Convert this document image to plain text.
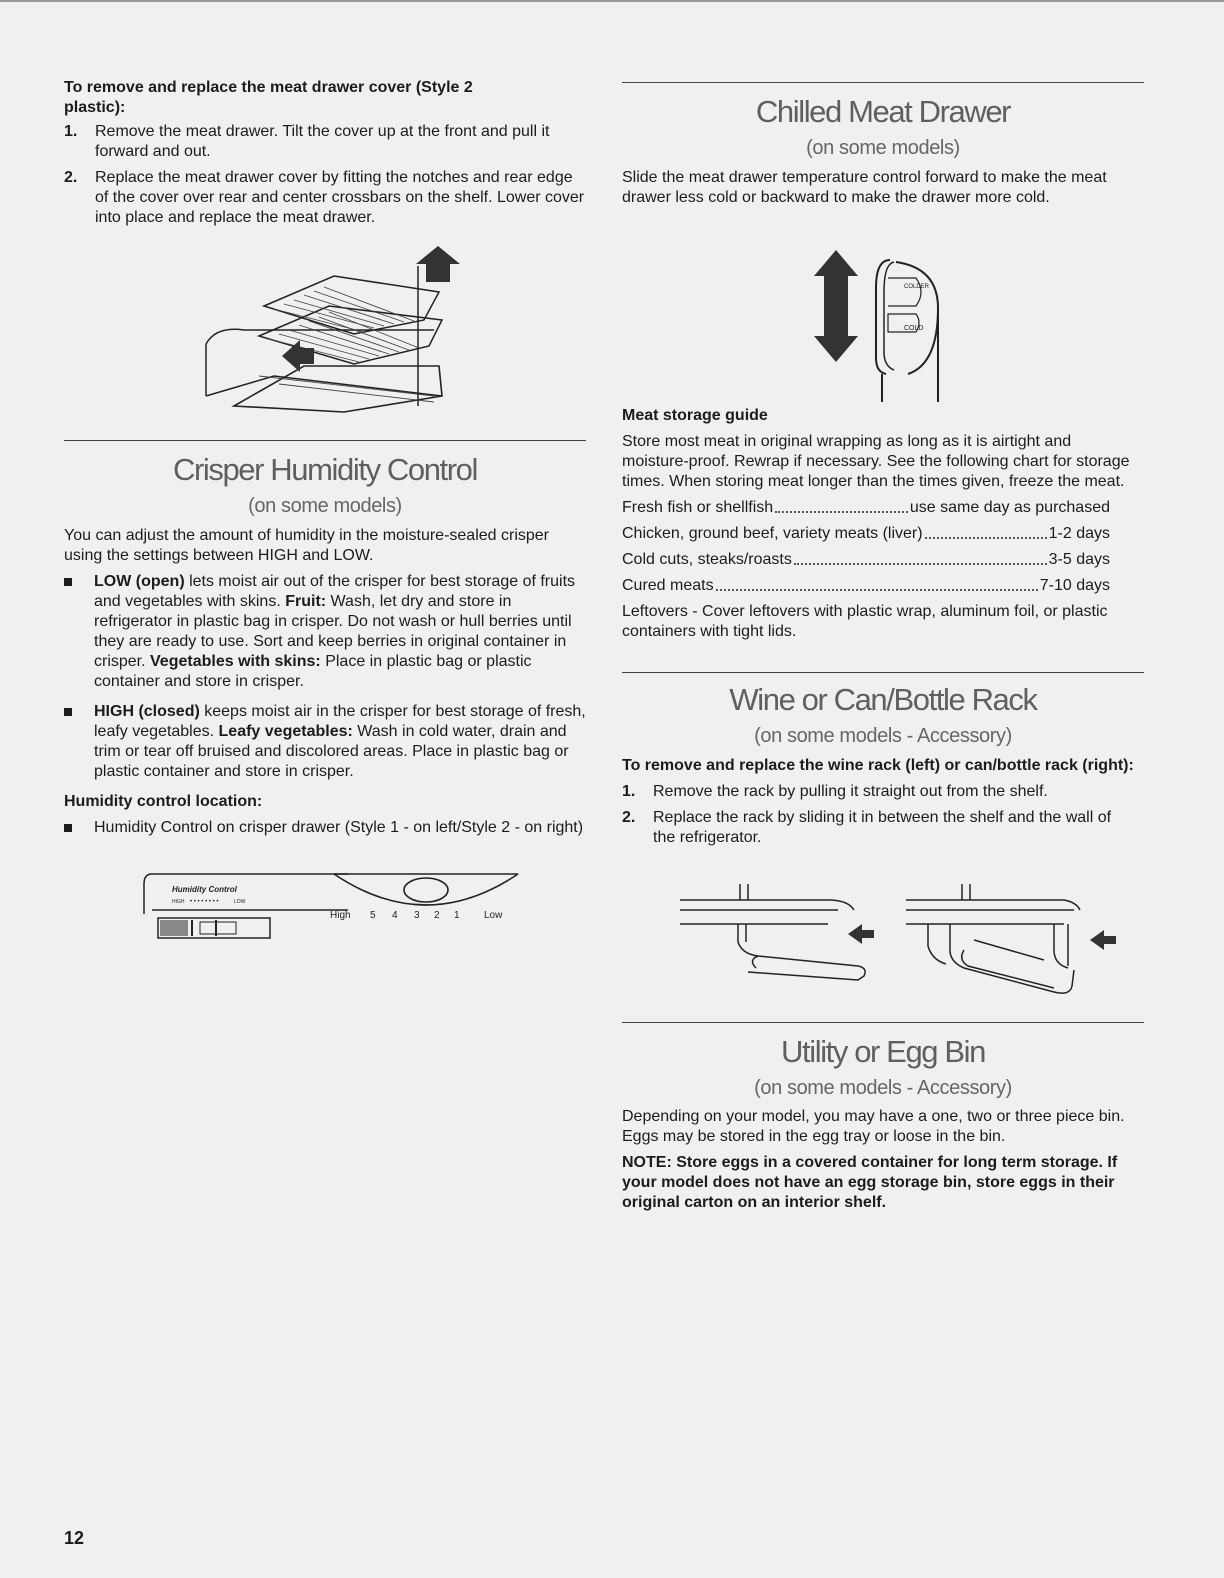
To remove and replace the meat drawer cover (Style 2 plastic):

1. Remove the meat drawer. Tilt the cover up at the front and pull it forward and out.
2. Replace the meat drawer cover by fitting the notches and rear edge of the cover over rear and center crossbars on the shelf. Lower cover into place and replace the meat drawer.

Crisper Humidity Control

(on some models)

You can adjust the amount of humidity in the moisture-sealed crisper using the settings between HIGH and LOW.

LOW (open) lets moist air out of the crisper for best storage of fruits and vegetables with skins. Fruit: Wash, let dry and store in refrigerator in plastic bag in crisper. Do not wash or hull berries until they are ready to use. Sort and keep berries in original container in crisper. Vegetables with skins: Place in plastic bag or plastic container and store in crisper.
HIGH (closed) keeps moist air in the crisper for best storage of fresh, leafy vegetables. Leafy vegetables: Wash in cold water, drain and trim or tear off bruised and discolored areas. Place in plastic bag or plastic container and store in crisper.

Humidity control location:

Humidity Control on crisper drawer (Style 1 - on left/Style 2 - on right)
Humidity Control
HIGH • • • • • • • •	LOW
High 5 4 3 2 1 Low

Chilled Meat Drawer

(on some models)

Slide the meat drawer temperature control forward to make the meat drawer less cold or backward to make the drawer more cold.

COLDER
COLD

Meat storage guide

Store most meat in original wrapping as long as it is airtight and moisture-proof. Rewrap if necessary. See the following chart for storage times. When storing meat longer than the times given, freeze the meat.

Fresh fish or shellfish	use same day as purchased
Chicken, ground beef, variety meats (liver)	1-2 days
Cold cuts, steaks/roasts	3-5 days
Cured meats	7-10 days

Leftovers - Cover leftovers with plastic wrap, aluminum foil, or plastic containers with tight lids.

Wine or Can/Bottle Rack

(on some models - Accessory)

To remove and replace the wine rack (left) or can/bottle rack (right):

1. Remove the rack by pulling it straight out from the shelf.
2. Replace the rack by sliding it in between the shelf and the wall of the refrigerator.

Utility or Egg Bin

(on some models - Accessory)

Depending on your model, you may have a one, two or three piece bin. Eggs may be stored in the egg tray or loose in the bin.

NOTE: Store eggs in a covered container for long term storage. If your model does not have an egg storage bin, store eggs in their original carton on an interior shelf.

12
